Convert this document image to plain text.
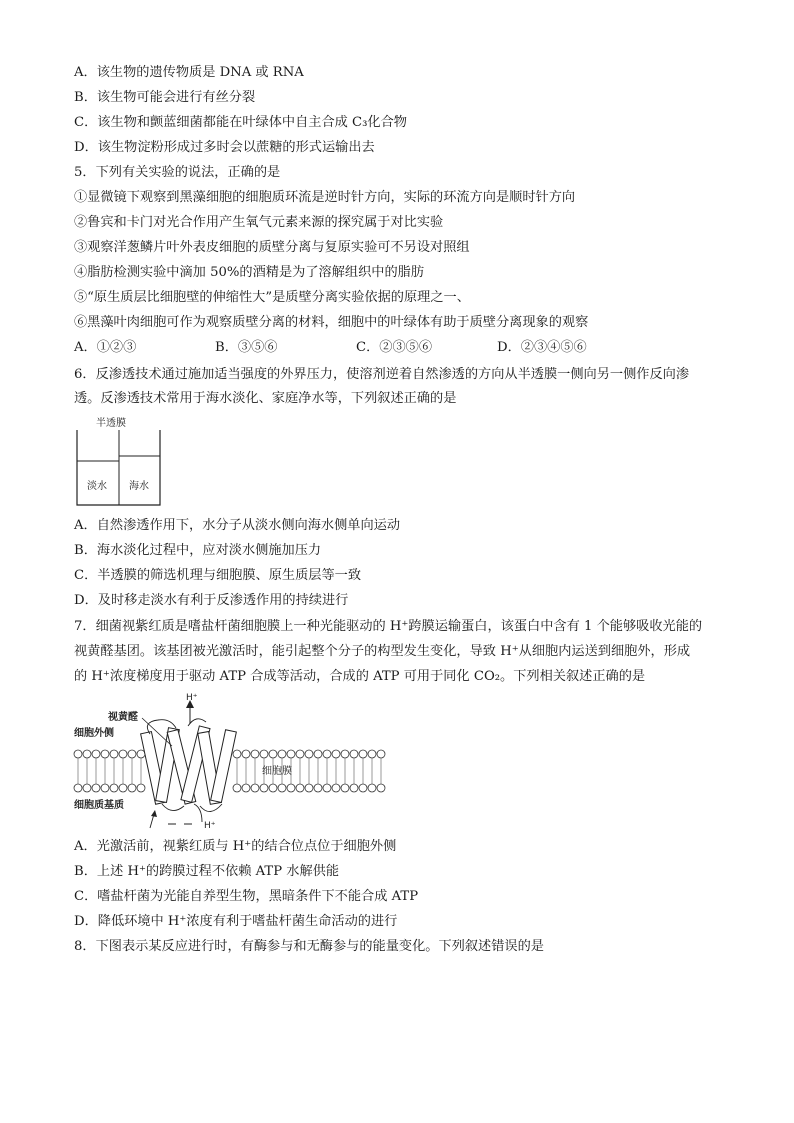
A．该生物的遗传物质是 DNA 或 RNA
B．该生物可能会进行有丝分裂
C．该生物和颤蓝细菌都能在叶绿体中自主合成 C₃化合物
D．该生物淀粉形成过多时会以蔗糖的形式运输出去
5．下列有关实验的说法，正确的是
①显微镜下观察到黑藻细胞的细胞质环流是逆时针方向，实际的环流方向是顺时针方向
②鲁宾和卡门对光合作用产生氧气元素来源的探究属于对比实验
③观察洋葱鳞片叶外表皮细胞的质壁分离与复原实验可不另设对照组
④脂肪检测实验中滴加 50%的酒精是为了溶解组织中的脂肪
⑤“原生质层比细胞壁的伸缩性大”是质壁分离实验依据的原理之一、
⑥黑藻叶肉细胞可作为观察质壁分离的材料，细胞中的叶绿体有助于质壁分离现象的观察
A．①②③	B．③⑤⑥	C．②③⑤⑥	D．②③④⑤⑥
6．反渗透技术通过施加适当强度的外界压力，使溶剂逆着自然渗透的方向从半透膜一侧向另一侧作反向渗
透。反渗透技术常用于海水淡化、家庭净水等，下列叙述正确的是
半透膜
淡水 海水
A．自然渗透作用下，水分子从淡水侧向海水侧单向运动
B．海水淡化过程中，应对淡水侧施加压力
C．半透膜的筛选机理与细胞膜、原生质层等一致
D．及时移走淡水有利于反渗透作用的持续进行
7．细菌视紫红质是嗜盐杆菌细胞膜上一种光能驱动的 H⁺跨膜运输蛋白，该蛋白中含有 1 个能够吸收光能的
视黄醛基团。该基团被光激活时，能引起整个分子的构型发生变化，导致 H⁺从细胞内运送到细胞外，形成
的 H⁺浓度梯度用于驱动 ATP 合成等活动，合成的 ATP 可用于同化 CO₂。下列相关叙述正确的是
H⁺
H⁺
视黄醛
细胞外侧
细胞膜
细胞质基质
A．光激活前，视紫红质与 H⁺的结合位点位于细胞外侧
B．上述 H⁺的跨膜过程不依赖 ATP 水解供能
C．嗜盐杆菌为光能自养型生物，黑暗条件下不能合成 ATP
D．降低环境中 H⁺浓度有利于嗜盐杆菌生命活动的进行
8．下图表示某反应进行时，有酶参与和无酶参与的能量变化。下列叙述错误的是
